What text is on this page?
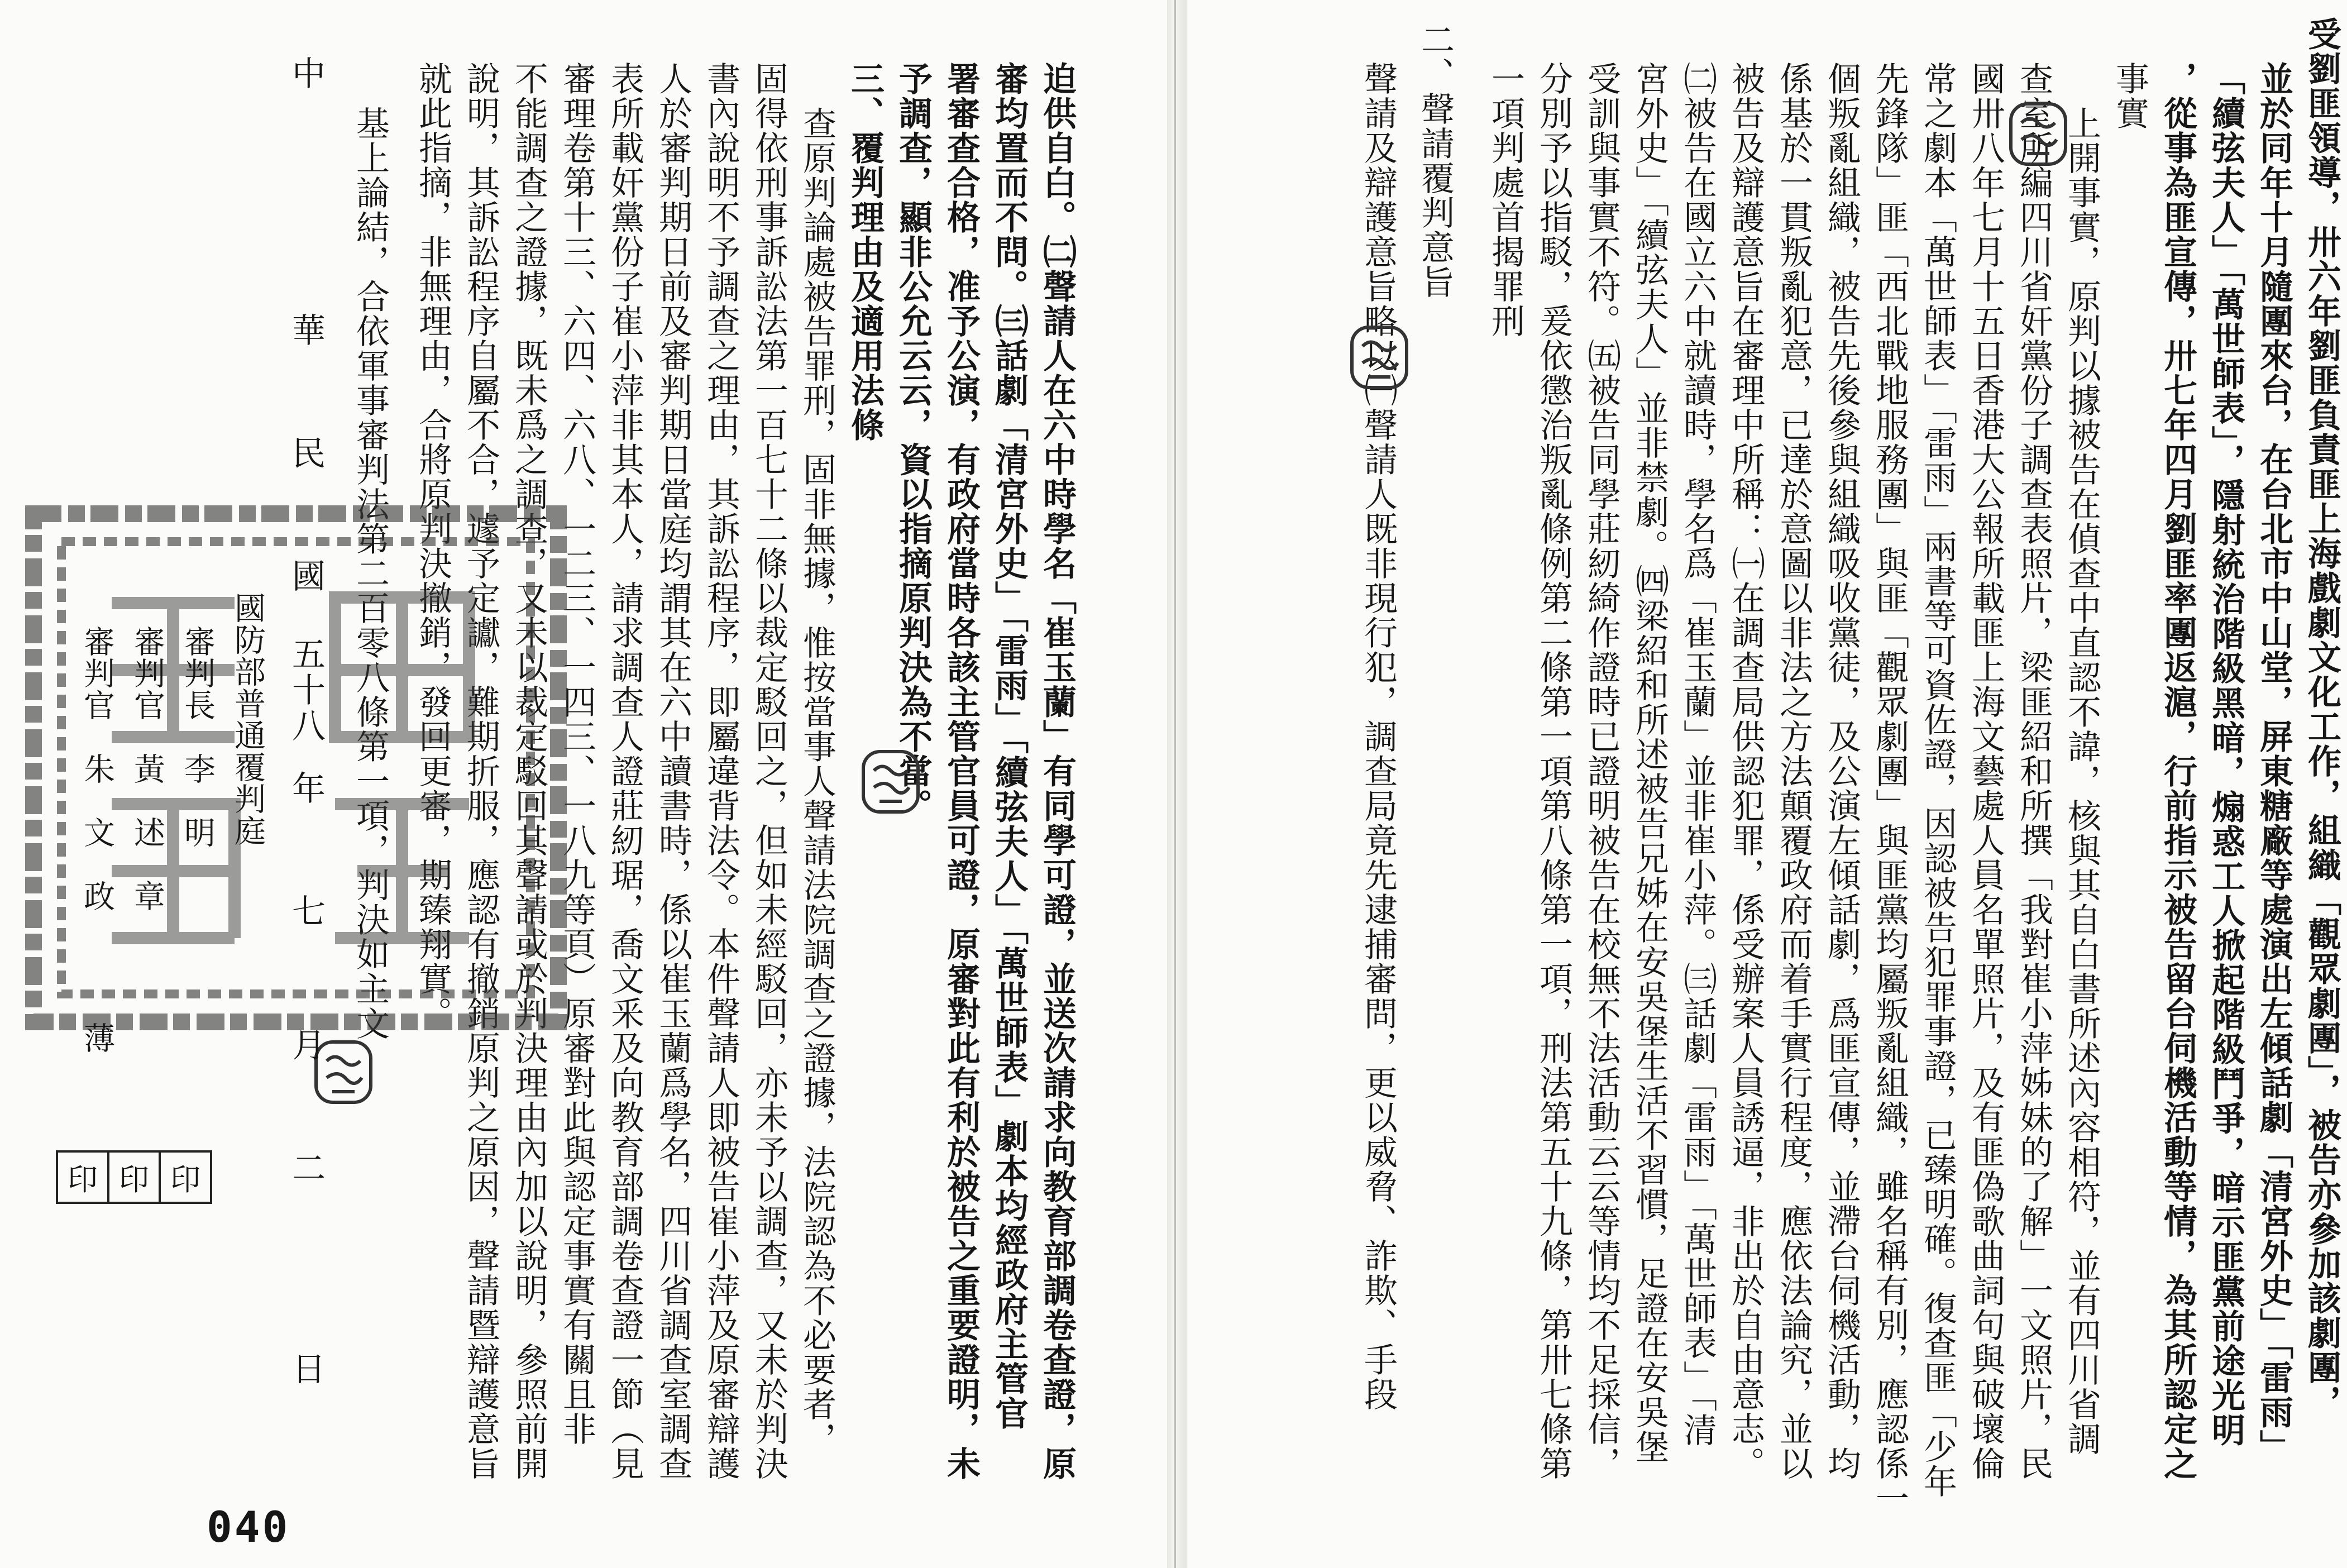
受劉匪領導，卅六年劉匪負責匪上海戲劇文化工作，組織「觀眾劇團」，被告亦參加該劇團，
並於同年十月隨團來台，在台北市中山堂，屏東糖廠等處演出左傾話劇「清宮外史」「雷雨」
「續弦夫人」「萬世師表」，隱射統治階級黑暗，煽惑工人掀起階級鬥爭，暗示匪黨前途光明
，從事為匪宣傳，卅七年四月劉匪率團返滬，行前指示被告留台伺機活動等情，為其所認定之
事實
上開事實，原判以據被告在偵查中直認不諱，核與其自白書所述內容相符，並有四川省調
查室所編四川省奸黨份子調查表照片，梁匪紹和所撰「我對崔小萍姊妹的了解」一文照片，民
國卅八年七月十五日香港大公報所載匪上海文藝處人員名單照片，及有匪偽歌曲詞句與破壞倫
常之劇本「萬世師表」「雷雨」兩書等可資佐證，因認被告犯罪事證，已臻明確。復查匪「少年
先鋒隊」匪「西北戰地服務團」與匪「觀眾劇團」與匪黨均屬叛亂組織，雖名稱有別，應認係一
個叛亂組織，被告先後參與組織吸收黨徒，及公演左傾話劇，爲匪宣傳，並滯台伺機活動，均
係基於一貫叛亂犯意，已達於意圖以非法之方法顛覆政府而着手實行程度，應依法論究，並以
被告及辯護意旨在審理中所稱：㈠在調查局供認犯罪，係受辦案人員誘逼，非出於自由意志。
㈡被告在國立六中就讀時，學名爲「崔玉蘭」並非崔小萍。㈢話劇「雷雨」「萬世師表」「清
宮外史」「續弦夫人」並非禁劇。㈣梁紹和所述被告兄姊在安吳堡生活不習慣，足證在安吳堡
受訓與事實不符。㈤被告同學莊紉綺作證時已證明被告在校無不法活動云云等情均不足採信，
分別予以指駁，爰依懲治叛亂條例第二條第一項第八條第一項，刑法第五十九條，第卅七條第
一項判處首揭罪刑
二、聲請覆判意旨
聲請及辯護意旨略以㈠聲請人既非現行犯，調查局竟先逮捕審問，更以威脅、詐欺、手段
迫供自白。㈡聲請人在六中時學名「崔玉蘭」有同學可證，並送次請求向教育部調卷查證，原
審均置而不問。㈢話劇「清宮外史」「雷雨」「續弦夫人」「萬世師表」劇本均經政府主管官
署審查合格，准予公演，有政府當時各該主管官員可證，原審對此有利於被告之重要證明，未
予調查，顯非公允云云，資以指摘原判決為不當。
三、覆判理由及適用法條
查原判論處被告罪刑，固非無據，惟按當事人聲請法院調查之證據，法院認為不必要者，
固得依刑事訴訟法第一百七十二條以裁定駁回之，但如未經駁回，亦未予以調查，又未於判決
書內說明不予調查之理由，其訴訟程序，即屬違背法令。本件聲請人即被告崔小萍及原審辯護
人於審判期日前及審判期日當庭均謂其在六中讀書時，係以崔玉蘭爲學名，四川省調查室調查
表所載奸黨份子崔小萍非其本人，請求調查人證莊紉琚，喬文釆及向教育部調卷查證一節（見
審理卷第十三、六四、六八、一二三、一四三、一八九等頁）原審對此與認定事實有關且非
不能調查之證據，既未爲之調查，又未以裁定駁回其聲請或於判決理由內加以說明，參照前開
說明，其訴訟程序自屬不合，遽予定讞，難期折服，應認有撤銷原判之原因，聲請暨辯護意旨
就此指摘，非無理由，合將原判決撤銷，發回更審，期臻翔實。
基上論結，合依軍事審判法第二百零八條第一項，判決如主文
國防部普通覆判庭
審判長　李　明
審判官　黃　述　章
審判官　朱　文　政
薄
中
華
民
國
五十八
年
七
月
二
日
印 印 印
040
